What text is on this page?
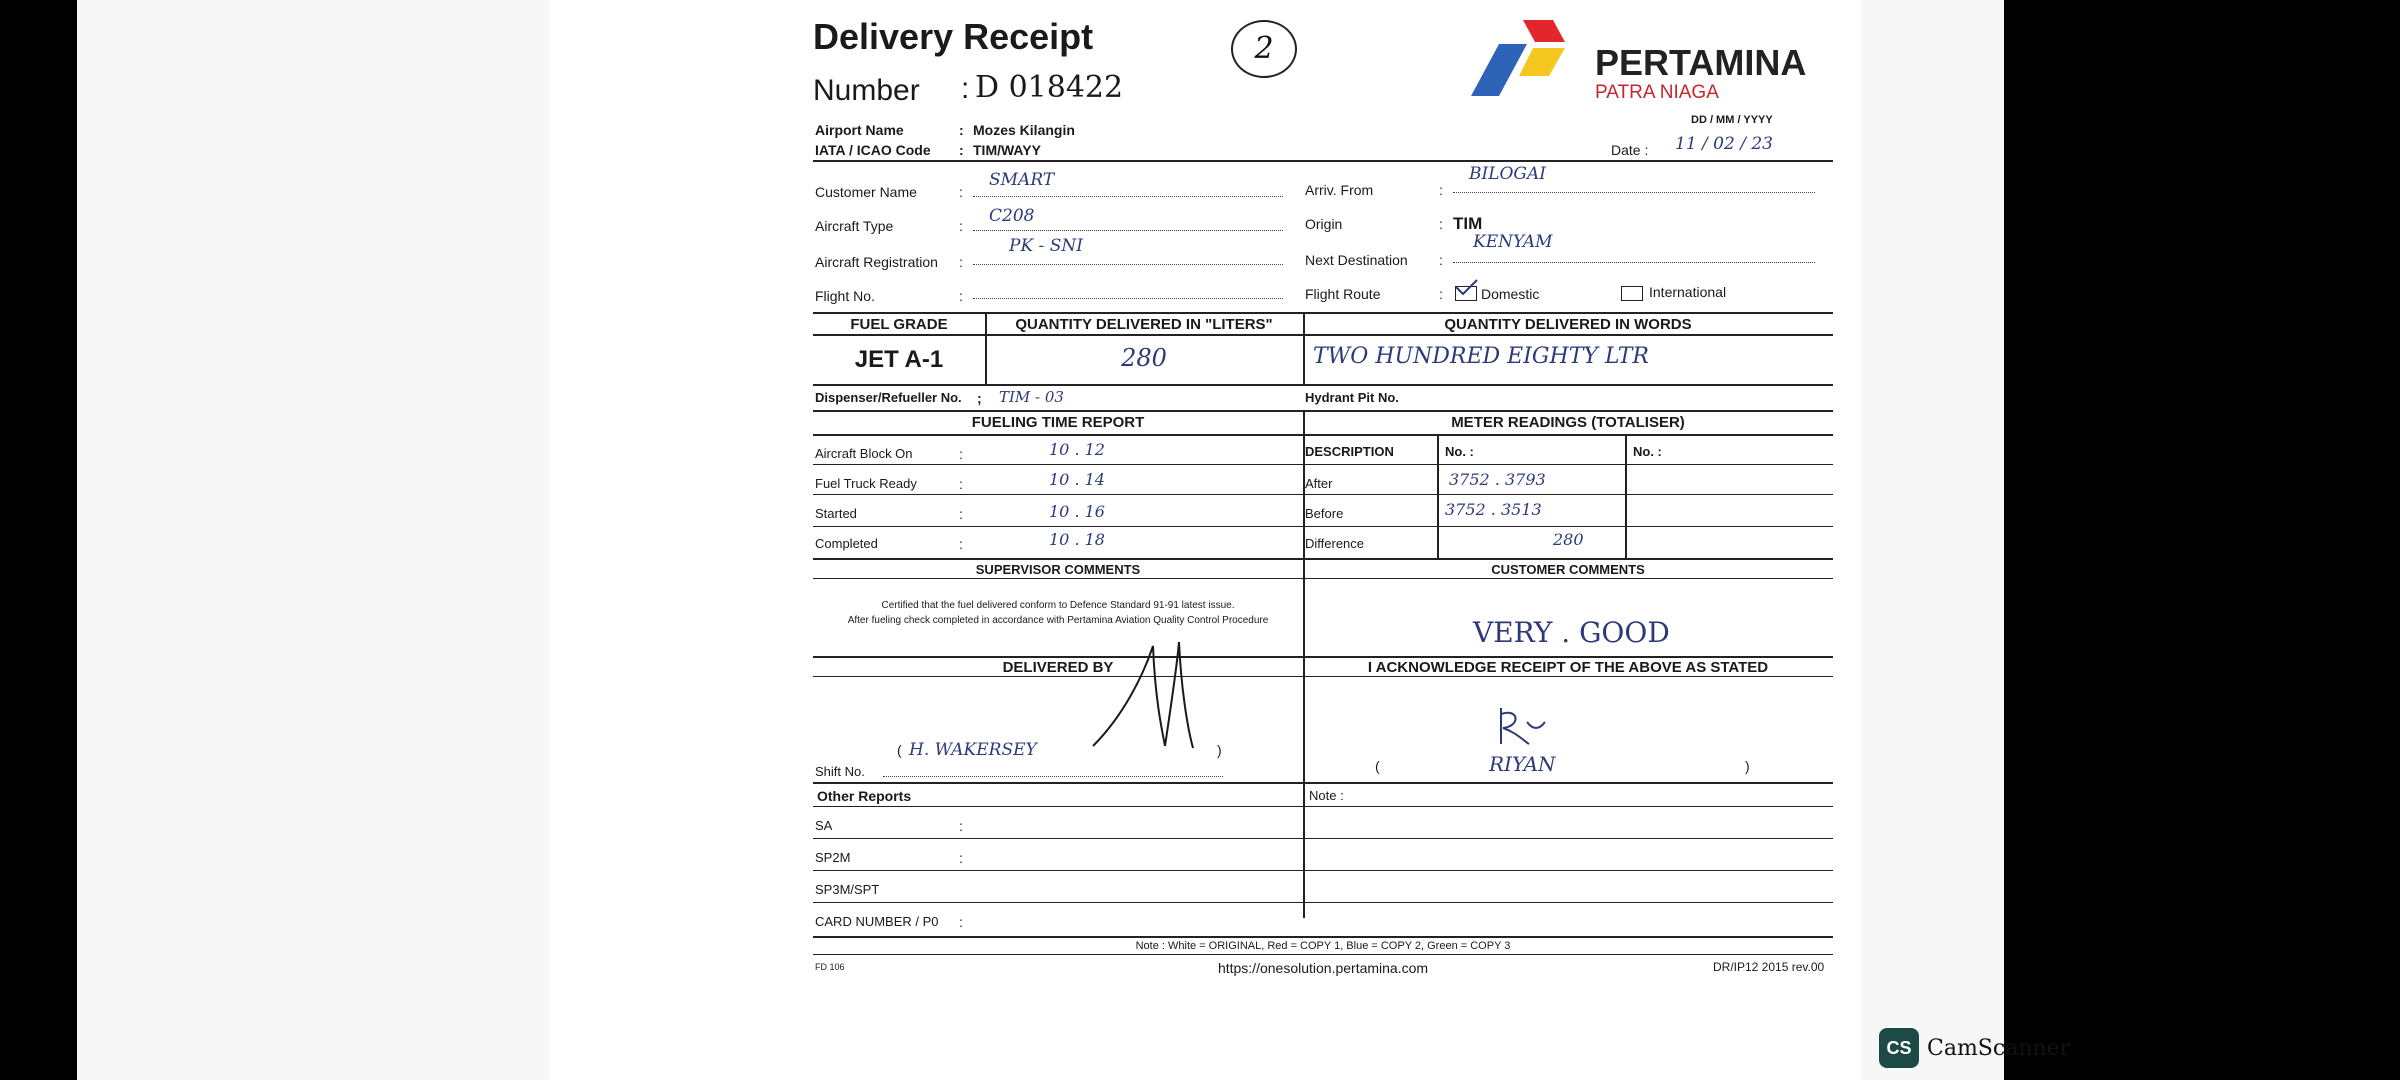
Delivery Receipt
Number : D 018422
2	PERTAMINA
PATRA NIAGA
Airport Name	: Mozes Kilangin
IATA / ICAO Code : TIM/WAYY
DD / MM / YYYY
Date : 11 / 02 / 23
Customer Name	:
SMART
Aircraft Type	: C208
Aircraft Registration :
PK - SNI
Flight No.	:
Arriv. From	:
BILOGAI
Origin	: TIM
Next Destination :
KENYAM
Flight Route	:	Domestic	International
FUEL GRADE	QUANTITY DELIVERED IN "LITERS"	QUANTITY DELIVERED IN WORDS
JET A-1	280	TWO HUNDRED EIGHTY LTR
Dispenser/Refueller No. ; TIM - 03	Hydrant Pit No.
FUELING TIME REPORT	METER READINGS (TOTALISER)
Aircraft Block On	:	10 . 12
Fuel Truck Ready	:	10 . 14
Started	:	10 . 16
Completed	:	10 . 18
DESCRIPTION	No. :	No. :
After	3752 . 3793
Before	3752 . 3513
Difference	280
SUPERVISOR COMMENTS	CUSTOMER COMMENTS
Certified that the fuel delivered conform to Defence Standard 91-91 latest issue.
After fueling check completed in accordance with Pertamina Aviation Quality Control Procedure	VERY . GOOD
DELIVERED BY	I ACKNOWLEDGE RECEIPT OF THE ABOVE AS STATED
( H. WAKERSEY	)
Shift No.	(	RIYAN	)
Other Reports	Note :
SA	:
SP2M	:
SP3M/SPT
CARD NUMBER / P0 :
Note : White = ORIGINAL, Red = COPY 1, Blue = COPY 2, Green = COPY 3
FD 106	https://onesolution.pertamina.com	DR/IP12 2015 rev.00
CS CamScanner
